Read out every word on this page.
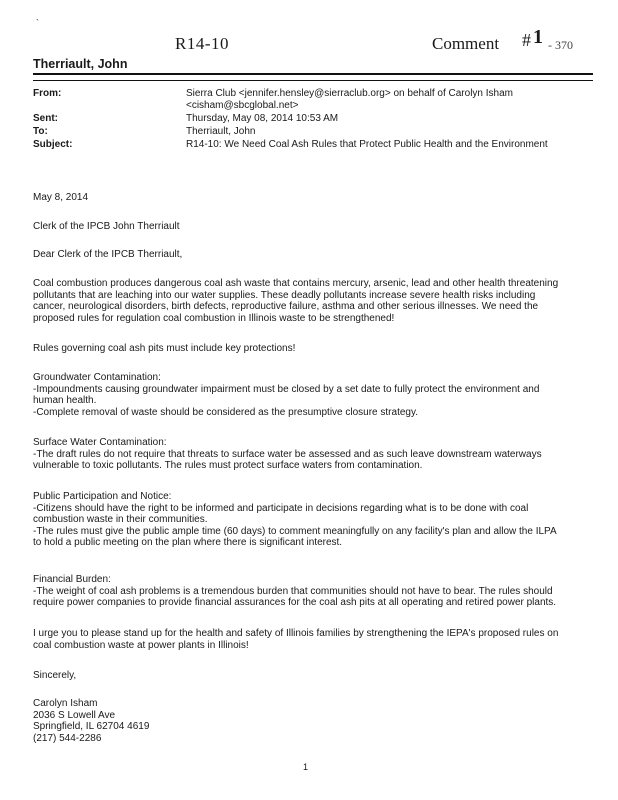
`
R14-10	Comment # 1 - 370
Therriault, John
From:	Sierra Club <jennifer.hensley@sierraclub.org> on behalf of Carolyn Isham
<cisham@sbcglobal.net>
Sent:	Thursday, May 08, 2014 10:53 AM
To:	Therriault, John
Subject:	R14-10: We Need Coal Ash Rules that Protect Public Health and the Environment
May 8, 2014
Clerk of the IPCB John Therriault
Dear Clerk of the IPCB Therriault,
Coal combustion produces dangerous coal ash waste that contains mercury, arsenic, lead and other health threatening
pollutants that are leaching into our water supplies. These deadly pollutants increase severe health risks including
cancer, neurological disorders, birth defects, reproductive failure, asthma and other serious illnesses. We need the
proposed rules for regulation coal combustion in Illinois waste to be strengthened!
Rules governing coal ash pits must include key protections!
Groundwater Contamination:
-Impoundments causing groundwater impairment must be closed by a set date to fully protect the environment and
human health.
-Complete removal of waste should be considered as the presumptive closure strategy.
Surface Water Contamination:
-The draft rules do not require that threats to surface water be assessed and as such leave downstream waterways
vulnerable to toxic pollutants. The rules must protect surface waters from contamination.
Public Participation and Notice:
-Citizens should have the right to be informed and participate in decisions regarding what is to be done with coal
combustion waste in their communities.
-The rules must give the public ample time (60 days) to comment meaningfully on any facility's plan and allow the ILPA
to hold a public meeting on the plan where there is significant interest.
Financial Burden:
-The weight of coal ash problems is a tremendous burden that communities should not have to bear. The rules should
require power companies to provide financial assurances for the coal ash pits at all operating and retired power plants.
I urge you to please stand up for the health and safety of Illinois families by strengthening the IEPA's proposed rules on
coal combustion waste at power plants in Illinois!
Sincerely,
Carolyn Isham
2036 S Lowell Ave
Springfield, IL 62704 4619
(217) 544-2286
1
